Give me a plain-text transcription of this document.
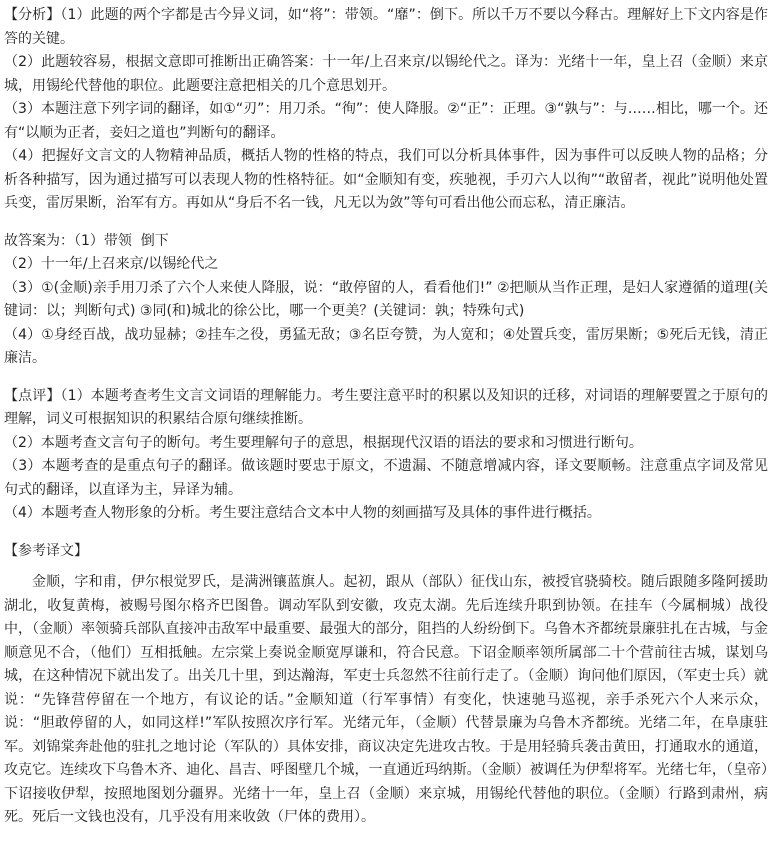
【分析】（1）此题的两个字都是古今异义词，如“将”：带领。“靡”：倒下。所以千万不要以今释古。理解好上下文内容是作答的关键。

（2）此题较容易，根据文意即可推断出正确答案：十一年/上召来京/以锡纶代之。译为：光绪十一年，皇上召（金顺）来京城，用锡纶代替他的职位。此题要注意把相关的几个意思划开。

（3）本题注意下列字词的翻译，如①“刃”：用刀杀。“徇”：使人降服。②“正”：正理。③“孰与”：与……相比，哪一个。还有“以顺为正者，妾妇之道也”判断句的翻译。

（4）把握好文言文的人物精神品质，概括人物的性格的特点，我们可以分析具体事件，因为事件可以反映人物的品格；分析各种描写，因为通过描写可以表现人物的性格特征。如“金顺知有变，疾驰视，手刃六人以徇”“敢留者，视此”说明他处置兵变，雷厉果断，治军有方。再如从“身后不名一钱，凡无以为敛”等句可看出他公而忘私，清正廉洁。

故答案为：（1）带领  倒下

（2）十一年/上召来京/以锡纶代之

（3）①(金顺)亲手用刀杀了六个人来使人降服，说：“敢停留的人，看看他们!” ②把顺从当作正理，是妇人家遵循的道理(关键词：以；判断句式) ③同(和)城北的徐公比，哪一个更美？(关键词：孰；特殊句式)

（4）①身经百战，战功显赫；②挂车之役，勇猛无敌；③名臣夸赞，为人宽和；④处置兵变，雷厉果断；⑤死后无钱，清正廉洁。

【点评】（1）本题考查考生文言文词语的理解能力。考生要注意平时的积累以及知识的迁移，对词语的理解要置之于原句的理解，词义可根据知识的积累结合原句继续推断。

（2）本题考查文言句子的断句。考生要理解句子的意思，根据现代汉语的语法的要求和习惯进行断句。

（3）本题考查的是重点句子的翻译。做该题时要忠于原文，不遗漏、不随意增减内容，译文要顺畅。注意重点字词及常见句式的翻译，以直译为主，异译为辅。

（4）本题考查人物形象的分析。考生要注意结合文本中人物的刻画描写及具体的事件进行概括。

【参考译文】

金顺，字和甫，伊尔根觉罗氏，是满洲镶蓝旗人。起初，跟从（部队）征伐山东，被授官骁骑校。随后跟随多隆阿援助湖北，收复黄梅，被赐号图尔格齐巴图鲁。调动军队到安徽，攻克太湖。先后连续升职到协领。在挂车（今属桐城）战役中，（金顺）率领骑兵部队直接冲击敌军中最重要、最强大的部分，阻挡的人纷纷倒下。乌鲁木齐都统景廉驻扎在古城，与金顺意见不合，（他们）互相抵触。左宗棠上奏说金顺宽厚谦和，符合民意。下诏金顺率领所属部二十个营前往古城，谋划乌城，在这种情况下就出发了。出关几十里，到达瀚海，军吏士兵忽然不往前行走了。（金顺）询问他们原因，（军吏士兵）就说：“先锋营停留在一个地方，有议论的话。”金顺知道（行军事情）有变化，快速驰马巡视，亲手杀死六个人来示众，说：“胆敢停留的人，如同这样!”军队按照次序行军。光绪元年，（金顺）代替景廉为乌鲁木齐都统。光绪二年，在阜康驻军。刘锦棠奔赴他的驻扎之地讨论（军队的）具体安排，商议决定先进攻古牧。于是用轻骑兵袭击黄田，打通取水的通道，攻克它。连续攻下乌鲁木齐、迪化、昌吉、呼图壁几个城，一直通近玛纳斯。（金顺）被调任为伊犁将军。光绪七年，（皇帝）下诏接收伊犁，按照地图划分疆界。光绪十一年，皇上召（金顺）来京城，用锡纶代替他的职位。（金顺）行路到肃州，病死。死后一文钱也没有，几乎没有用来收敛（尸体的费用）。
